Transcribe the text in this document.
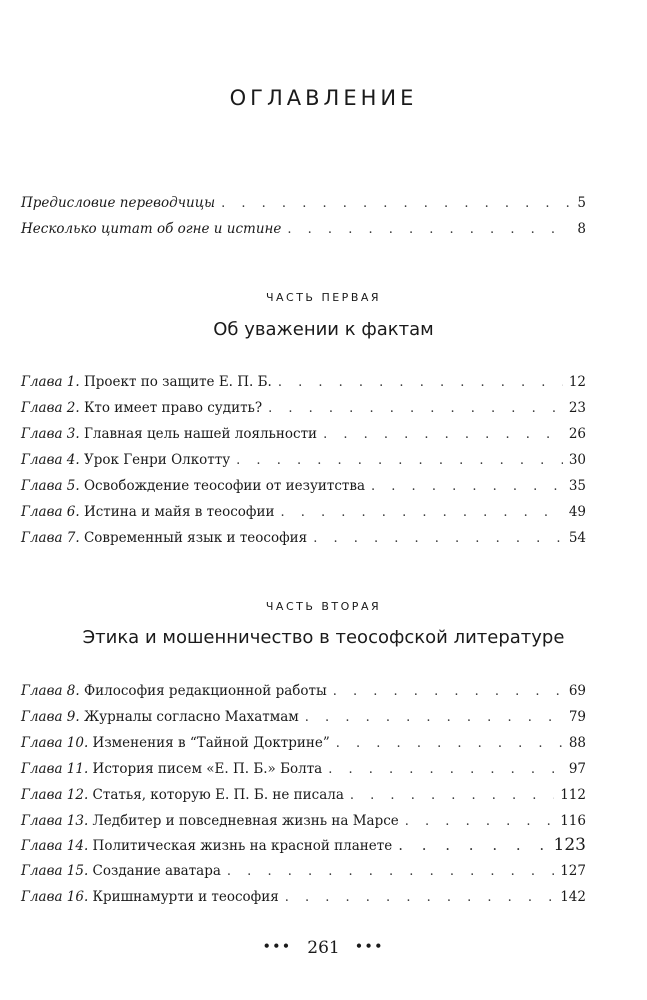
ОГЛАВЛЕНИЕ
Предисловие переводчицы . . .	5
Несколько цитат об огне и истине . . .	8
ЧАСТЬ ПЕРВАЯ
Об уважении к фактам
Глава 1. Проект по защите Е. П. Б. . . .	12
Глава 2. Кто имеет право судить? . . .	23
Глава 3. Главная цель нашей лояльности . . .	26
Глава 4. Урок Генри Олкотту . . .	30
Глава 5. Освобождение теософии от иезуитства . . .	35
Глава 6. Истина и майя в теософии . . .	49
Глава 7. Современный язык и теософия . . .	54
ЧАСТЬ ВТОРАЯ
Этика и мошенничество в теософской литературе
Глава 8. Философия редакционной работы . . .	69
Глава 9. Журналы согласно Махатмам . . .	79
Глава 10. Изменения в “Тайной Доктрине” . . .	88
Глава 11. История писем «Е. П. Б.» Болта . . .	97
Глава 12. Статья, которую Е. П. Б. не писала . . .	112
Глава 13. Ледбитер и повседневная жизнь на Марсе . . .	116
Глава 14. Политическая жизнь на красной планете . . .	123
Глава 15. Создание аватара . . .	127
Глава 16. Кришнамурти и теософия . . .	142
••• 261 •••
